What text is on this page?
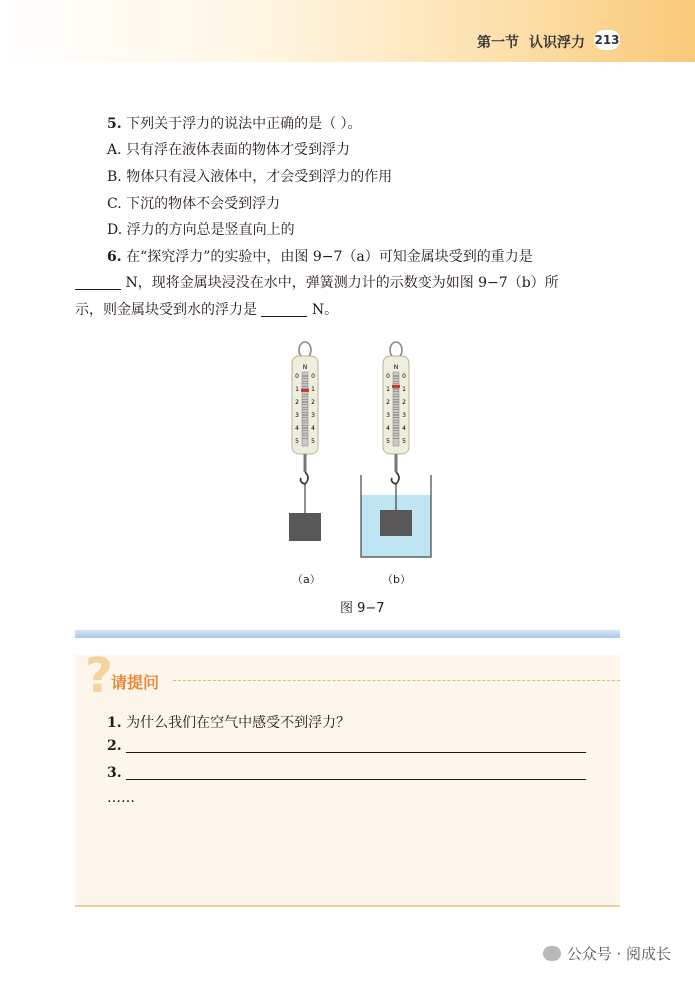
第一节 认识浮力 213
5. 下列关于浮力的说法中正确的是（ ）。
A. 只有浮在液体表面的物体才受到浮力
B. 物体只有浸入液体中，才会受到浮力的作用
C. 下沉的物体不会受到浮力
D. 浮力的方向总是竖直向上的
6. 在“探究浮力”的实验中，由图 9−7（a）可知金属块受到的重力是
N，现将金属块浸没在水中，弹簧测力计的示数变为如图 9−7（b）所
示，则金属块受到水的浮力是	N。
N
0 0
1 1
2 2
3 3
4 4
5 5
N
0 0
1 1
2 2
3 3
4 4
5 5
（a）	（b）
图 9−7
?
请提问
1. 为什么我们在空气中感受不到浮力？
2.
3.
……
公众号 · 阅成长
